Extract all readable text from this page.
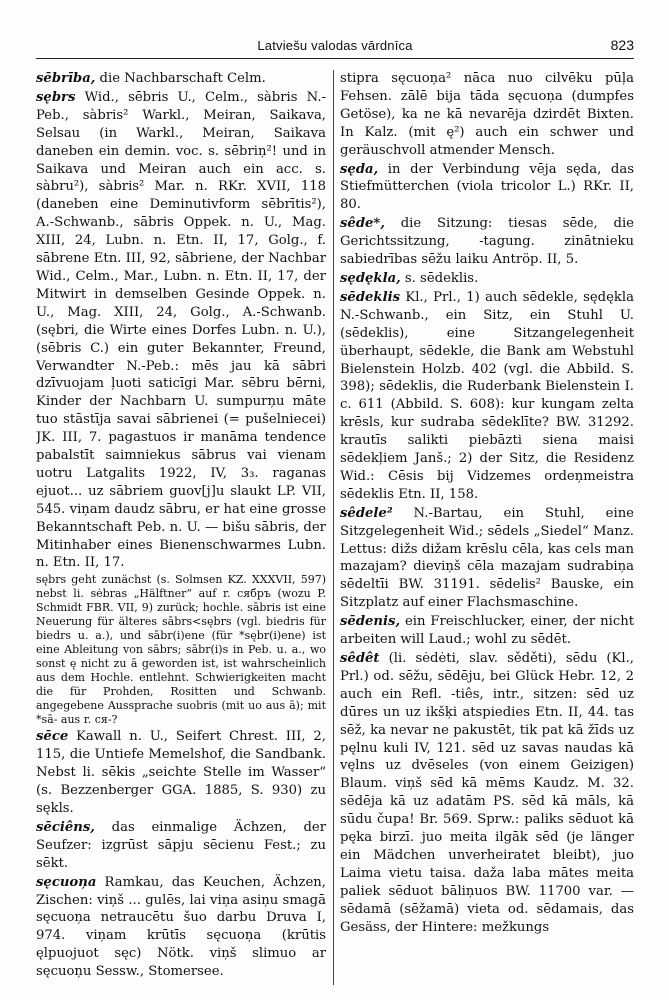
Latviešu valodas vārdnīca	823

sēbrība, die Nachbarschaft Celm.

sębrs Wid., sēbris U., Celm., sàbris N.-Peb., sàbris² Warkl., Meiran, Saikava, Selsau (in Warkl., Meiran, Saikava daneben ein demin. voc. s. sēbriņ²! und in Saikava und Meiran auch ein acc. s. sàbru²), sàbris² Mar. n. RKr. XVII, 118 (daneben eine Deminutivform sēbrītis²), A.-Schwanb., sābris Oppek. n. U., Mag. XIII, 24, Lubn. n. Etn. II, 17, Golg., f. sābrene Etn. III, 92, sābriene, der Nachbar Wid., Celm., Mar., Lubn. n. Etn. II, 17, der Mitwirt in demselben Gesinde Oppek. n. U., Mag. XIII, 24, Golg., A.-Schwanb. (sębri, die Wirte eines Dorfes Lubn. n. U.), (sēbris C.) ein guter Bekannter, Freund, Verwandter N.-Peb.: mēs jau kā sābri dzīvuojam ļuoti saticīgi Mar. sēbru bērni, Kinder der Nachbarn U. sumpurņu māte tuo stāstīja savai sābrienei (= pušelniecei) JK. III, 7. pagastuos ir manāma tendence pabalstīt saimniekus sābrus vai vienam uotru Latgalits 1922, IV, 3₃. raganas ejuot... uz sābriem guov[j]u slaukt LP. VII, 545. viņam daudz sābru, er hat eine grosse Bekanntschaft Peb. n. U. — bišu sābris, der Mitinhaber eines Bienenschwarmes Lubn. n. Etn. II, 17.

sębrs geht zunächst (s. Solmsen KZ. XXXVII, 597) nebst li. sėbras „Hälftner“ auf r. сябръ (wozu P. Schmidt FBR. VII, 9) zurück; hochle. sābris ist eine Neuerung für älteres sābrs<sębrs (vgl. biedris für biedrs u. a.), und sābr(i)ene (für *sębr(i)ene) ist eine Ableitung von sābrs; sābr(i)s in Peb. u. a., wo sonst ę nicht zu ā geworden ist, ist wahrscheinlich aus dem Hochle. entlehnt. Schwierigkeiten macht die für Prohden, Rositten und Schwanb. angegebene Aussprache suobris (mit uo aus ā); mit *sā- aus r. ся-?

sēce Kawall n. U., Seifert Chrest. III, 2, 115, die Untiefe Memelshof, die Sandbank. Nebst li. sēkis „seichte Stelle im Wasser“ (s. Bezzenberger GGA. 1885, S. 930) zu sękls.

sēciêns, das einmalige Ächzen, der Seufzer: izgrūst sāpju sēcienu Fest.; zu sēkt.

sęcuoņa Ramkau, das Keuchen, Ächzen, Zischen: viņš ... gulēs, lai viņa asiņu smagā sęcuoņa netraucētu šuo darbu Druva I, 974. viņam krūtīs sęcuoņa (krūtis ęlpuojuot sęc) Nötk. viņš slimuo ar sęcuoņu Sessw., Stomersee.

stipra sęcuoņa² nāca nuo cilvēku pūļa Fehsen. zālē bija tāda sęcuoņa (dumpfes Getöse), ka ne kā nevarēja dzirdēt Bixten. In Kalz. (mit ę²) auch ein schwer und geräuschvoll atmender Mensch.

sęda, in der Verbindung vēja sęda, das Stiefmütterchen (viola tricolor L.) RKr. II, 80.

sêde*, die Sitzung: tiesas sēde, die Gerichtssitzung, -tagung. zinātnieku sabiedrības sēžu laiku Antröp. II, 5.

sędękla, s. sēdeklis.

sēdeklis Kl., Prl., 1) auch sēdekle, sędękla N.-Schwanb., ein Sitz, ein Stuhl U. (sēdeklis), eine Sitzangelegenheit überhaupt, sēdekle, die Bank am Webstuhl Bielenstein Holzb. 402 (vgl. die Abbild. S. 398); sēdeklis, die Ruderbank Bielenstein I. c. 611 (Abbild. S. 608): kur kungam zelta krēsls, kur sudraba sēdeklīte? BW. 31292. krautīs salikti piebāzti siena maisi sēdekļiem Janš.; 2) der Sitz, die Residenz Wid.: Cēsis bij Vidzemes ordeņmeistra sēdeklis Etn. II, 158.

sêdele² N.-Bartau, ein Stuhl, eine Sitzgelegenheit Wid.; sēdels „Siedel“ Manz. Lettus: dižs dižam krēslu cēla, kas cels man mazajam? dieviņš cēla mazajam sudrabiņa sēdeltīi BW. 31191. sēdelis² Bauske, ein Sitzplatz auf einer Flachsmaschine.

sēdenis, ein Freischlucker, einer, der nicht arbeiten will Laud.; wohl zu sēdēt.

sêdêt (li. sėdėti, slav. sědětі), sēdu (Kl., Prl.) od. sēžu, sēdēju, bei Glück Hebr. 12, 2 auch ein Refl. -tiês, intr., sitzen: sēd uz dūres un uz ikšķi atspiedies Etn. II, 44. tas sēž, ka nevar ne pakustēt, tik pat kā žīds uz pęlnu kuli IV, 121. sēd uz savas naudas kā vęlns uz dvēseles (von einem Geizigen) Blaum. viņš sēd kā mēms Kaudz. M. 32. sēdēja kā uz adatām PS. sēd kā māls, kā sūdu čupa! Br. 569. Sprw.: paliks sēduot kā pęka birzī. juo meita ilgāk sēd (je länger ein Mädchen unverheiratet bleibt), juo Laima vietu taisa. daža laba mātes meita paliek sēduot bāliņuos BW. 11700 var. — sēdamā (sēžamā) vieta od. sēdamais, das Gesäss, der Hintere: mežkungs
